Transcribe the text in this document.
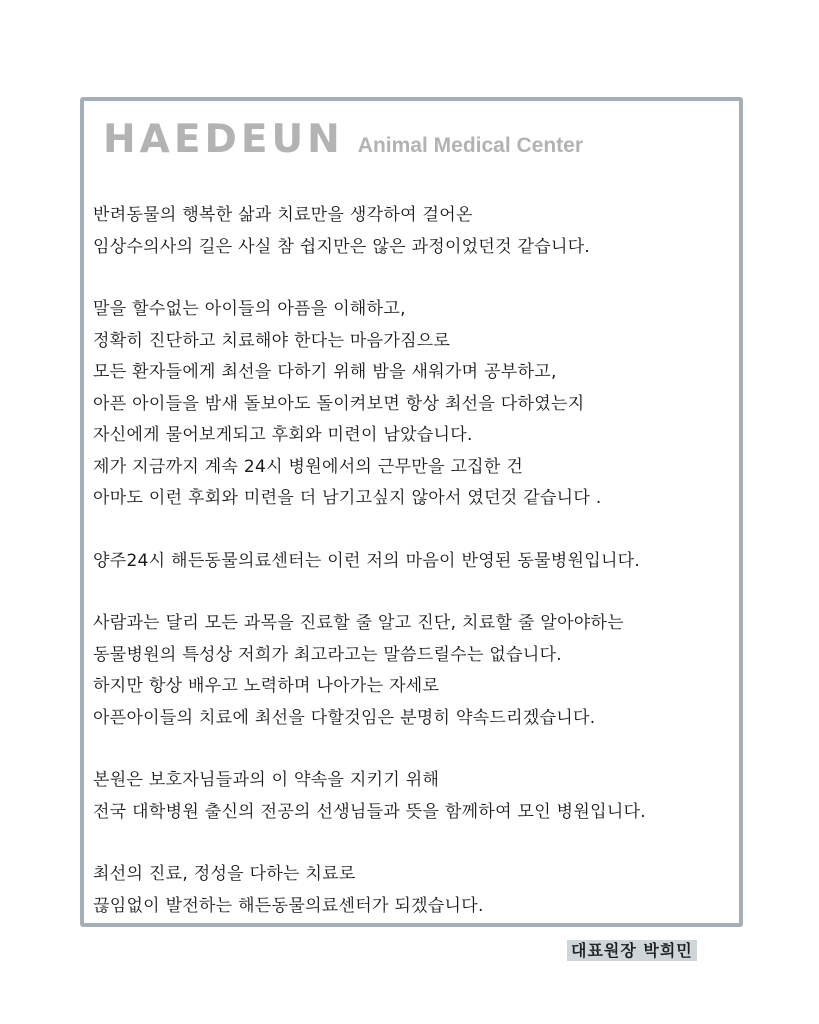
HAEDEUN Animal Medical Center
반려동물의 행복한 삶과 치료만을 생각하여 걸어온
임상수의사의 길은 사실 참 쉽지만은 않은 과정이었던것 같습니다.
말을 할수없는 아이들의 아픔을 이해하고,
정확히 진단하고 치료해야 한다는 마음가짐으로
모든 환자들에게 최선을 다하기 위해 밤을 새워가며 공부하고,
아픈 아이들을 밤새 돌보아도 돌이켜보면 항상 최선을 다하였는지
자신에게 물어보게되고 후회와 미련이 남았습니다.
제가 지금까지 계속 24시 병원에서의 근무만을 고집한 건
아마도 이런 후회와 미련을 더 남기고싶지 않아서 였던것 같습니다 .
양주24시 해든동물의료센터는 이런 저의 마음이 반영된 동물병원입니다.
사람과는 달리 모든 과목을 진료할 줄 알고 진단, 치료할 줄 알아야하는
동물병원의 특성상 저희가 최고라고는 말씀드릴수는 없습니다.
하지만 항상 배우고 노력하며 나아가는 자세로
아픈아이들의 치료에 최선을 다할것임은 분명히 약속드리겠습니다.
본원은 보호자님들과의 이 약속을 지키기 위해
전국 대학병원 출신의 전공의 선생님들과 뜻을 함께하여 모인 병원입니다.
최선의 진료, 정성을 다하는 치료로
끊임없이 발전하는 해든동물의료센터가 되겠습니다.
대표원장 박희민
